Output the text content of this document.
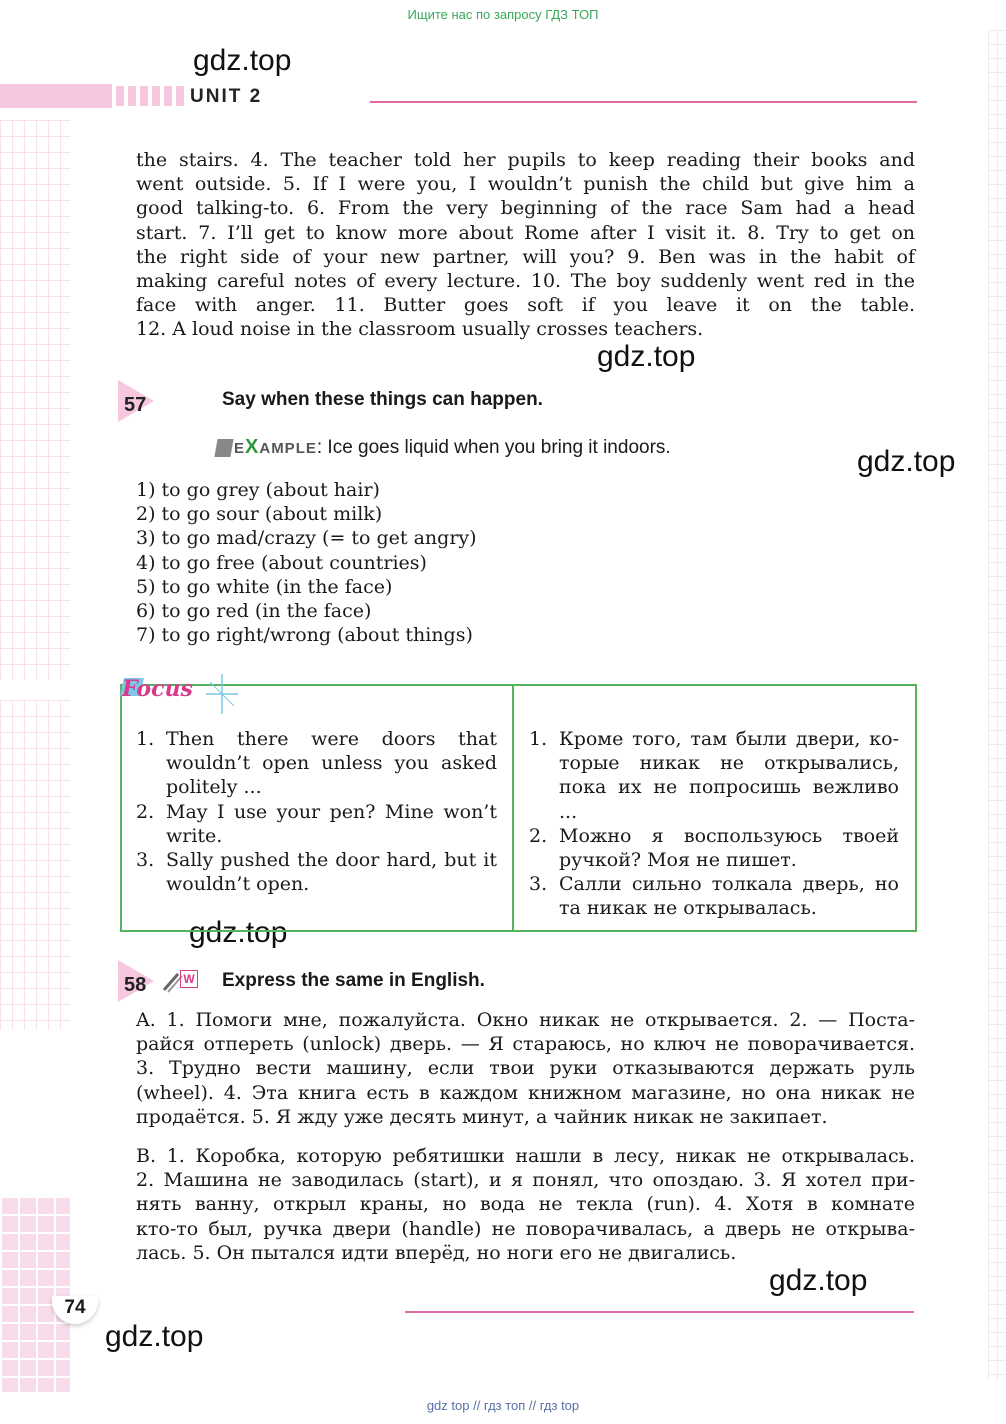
Ищите нас по запросу ГДЗ ТОП
UNIT 2
gdz.top
gdz.top
gdz.top
gdz.top
gdz.top
gdz.top
the stairs. 4. The teacher told her pupils to keep reading their books and
went outside. 5. If I were you, I wouldn’t punish the child but give him a
good talking-to. 6. From the very beginning of the race Sam had a head
start. 7. I’ll get to know more about Rome after I visit it. 8. Try to get on
the right side of your new partner, will you? 9. Ben was in the habit of
making careful notes of every lecture. 10. The boy suddenly went red in the
face with anger. 11. Butter goes soft if you leave it on the table.
12. A loud noise in the classroom usually crosses teachers.
57	Say when these things can happen.
EXAMPLE: Ice goes liquid when you bring it indoors.
1) to go grey (about hair)
2) to go sour (about milk)
3) to go mad/crazy (= to get angry)
4) to go free (about countries)
5) to go white (in the face)
6) to go red (in the face)
7) to go right/wrong (about things)
Focus
1. Then there were doors that wouldn’t open unless you asked politely ...
2. May I use your pen? Mine won’t write.
3. Sally pushed the door hard, but it wouldn’t open.
1. Кроме того, там были двери, которые никак не открывались, пока их не попросишь вежливо ...
2. Можно я воспользуюсь твоей ручкой? Моя не пишет.
3. Салли сильно толкала дверь, но та никак не открывалась.
58	W Express the same in English.
A. 1. Помоги мне, пожалуйста. Окно никак не открывается. 2. — Поста-
райся отпереть (unlock) дверь. — Я стараюсь, но ключ не поворачивается.
3. Трудно вести машину, если твои руки отказываются держать руль
(wheel). 4. Эта книга есть в каждом книжном магазине, но она никак не
продаётся. 5. Я жду уже десять минут, а чайник никак не закипает.
B. 1. Коробка, которую ребятишки нашли в лесу, никак не открывалась.
2. Машина не заводилась (start), и я понял, что опоздаю. 3. Я хотел при-
нять ванну, открыл краны, но вода не текла (run). 4. Хотя в комнате
кто-то был, ручка двери (handle) не поворачивалась, а дверь не открыва-
лась. 5. Он пытался идти вперёд, но ноги его не двигались.
74
gdz top // гдз топ // гдз top
